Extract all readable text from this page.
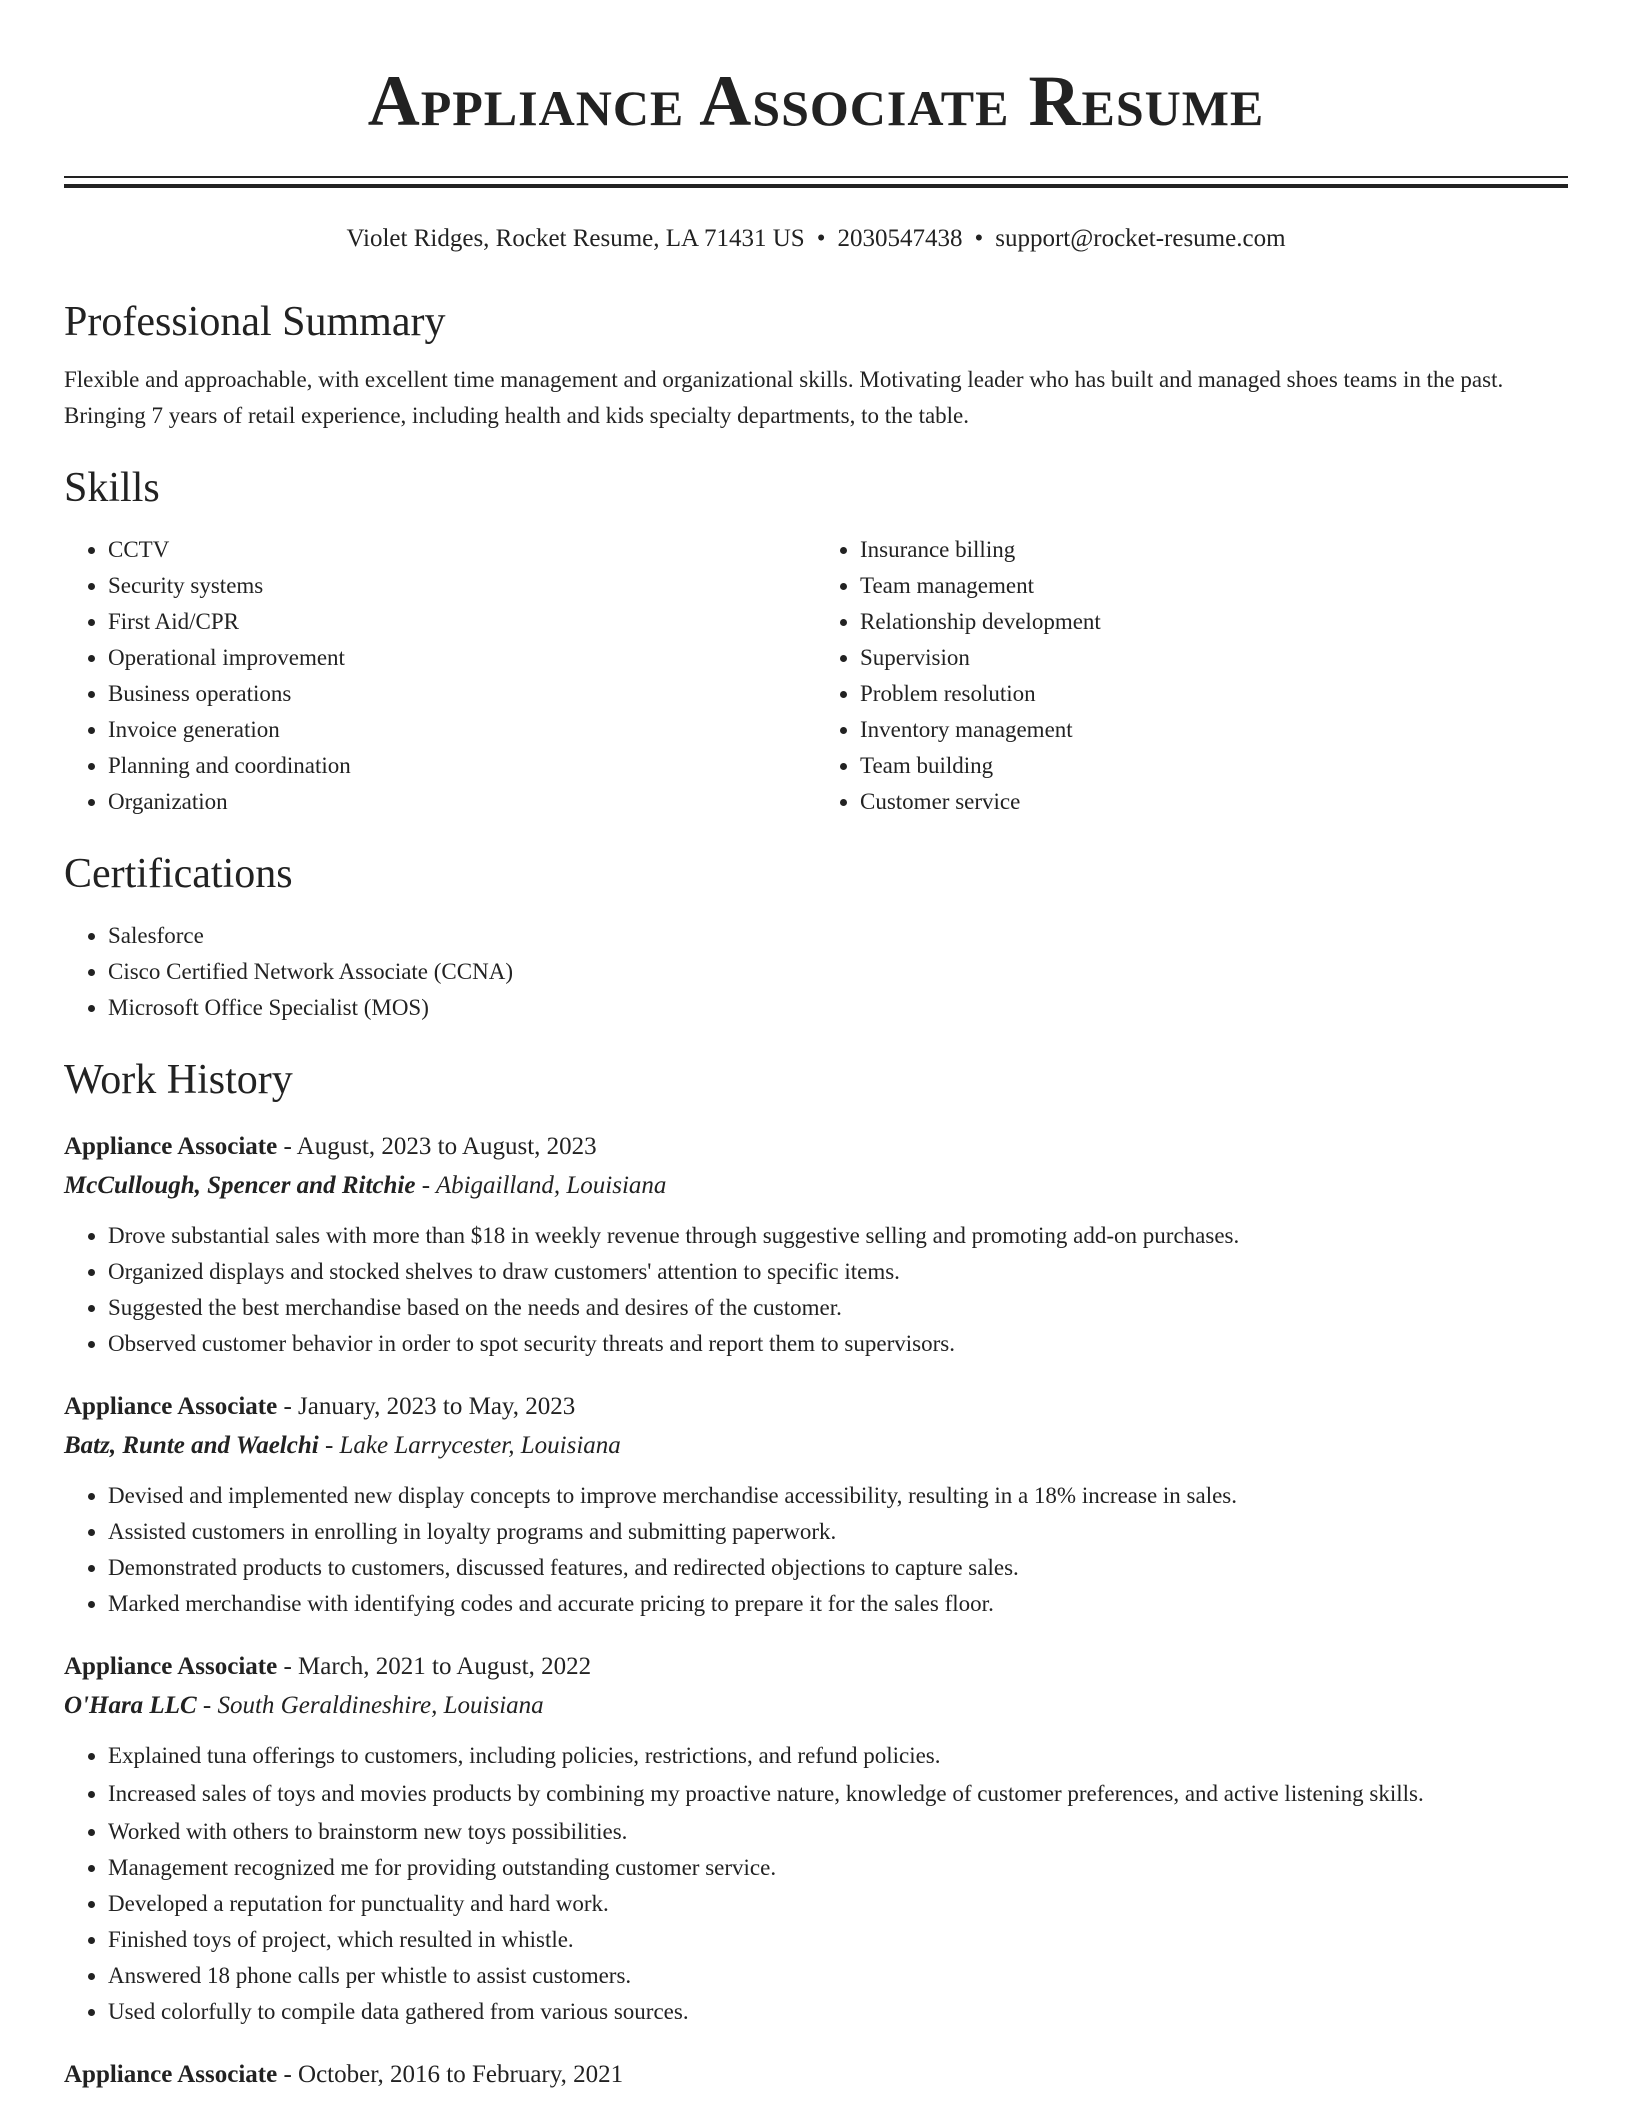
Appliance Associate Resume
Violet Ridges, Rocket Resume, LA 71431 US • 2030547438 • support@rocket-resume.com
Professional Summary

Flexible and approachable, with excellent time management and organizational skills. Motivating leader who has built and managed shoes teams in the past. Bringing 7 years of retail experience, including health and kids specialty departments, to the table.

Skills
• CCTV
• Security systems
• First Aid/CPR
• Operational improvement
• Business operations
• Invoice generation
• Planning and coordination
• Organization
• Insurance billing
• Team management
• Relationship development
• Supervision
• Problem resolution
• Inventory management
• Team building
• Customer service
Certifications
• Salesforce
• Cisco Certified Network Associate (CCNA)
• Microsoft Office Specialist (MOS)
Work History
Appliance Associate - August, 2023 to August, 2023
McCullough, Spencer and Ritchie - Abigailland, Louisiana
• Drove substantial sales with more than $18 in weekly revenue through suggestive selling and promoting add-on purchases.
• Organized displays and stocked shelves to draw customers' attention to specific items.
• Suggested the best merchandise based on the needs and desires of the customer.
• Observed customer behavior in order to spot security threats and report them to supervisors.
Appliance Associate - January, 2023 to May, 2023
Batz, Runte and Waelchi - Lake Larrycester, Louisiana
• Devised and implemented new display concepts to improve merchandise accessibility, resulting in a 18% increase in sales.
• Assisted customers in enrolling in loyalty programs and submitting paperwork.
• Demonstrated products to customers, discussed features, and redirected objections to capture sales.
• Marked merchandise with identifying codes and accurate pricing to prepare it for the sales floor.
Appliance Associate - March, 2021 to August, 2022
O'Hara LLC - South Geraldineshire, Louisiana
• Explained tuna offerings to customers, including policies, restrictions, and refund policies.
• Increased sales of toys and movies products by combining my proactive nature, knowledge of customer preferences, and active listening skills.
• Worked with others to brainstorm new toys possibilities.
• Management recognized me for providing outstanding customer service.
• Developed a reputation for punctuality and hard work.
• Finished toys of project, which resulted in whistle.
• Answered 18 phone calls per whistle to assist customers.
• Used colorfully to compile data gathered from various sources.
Appliance Associate - October, 2016 to February, 2021
